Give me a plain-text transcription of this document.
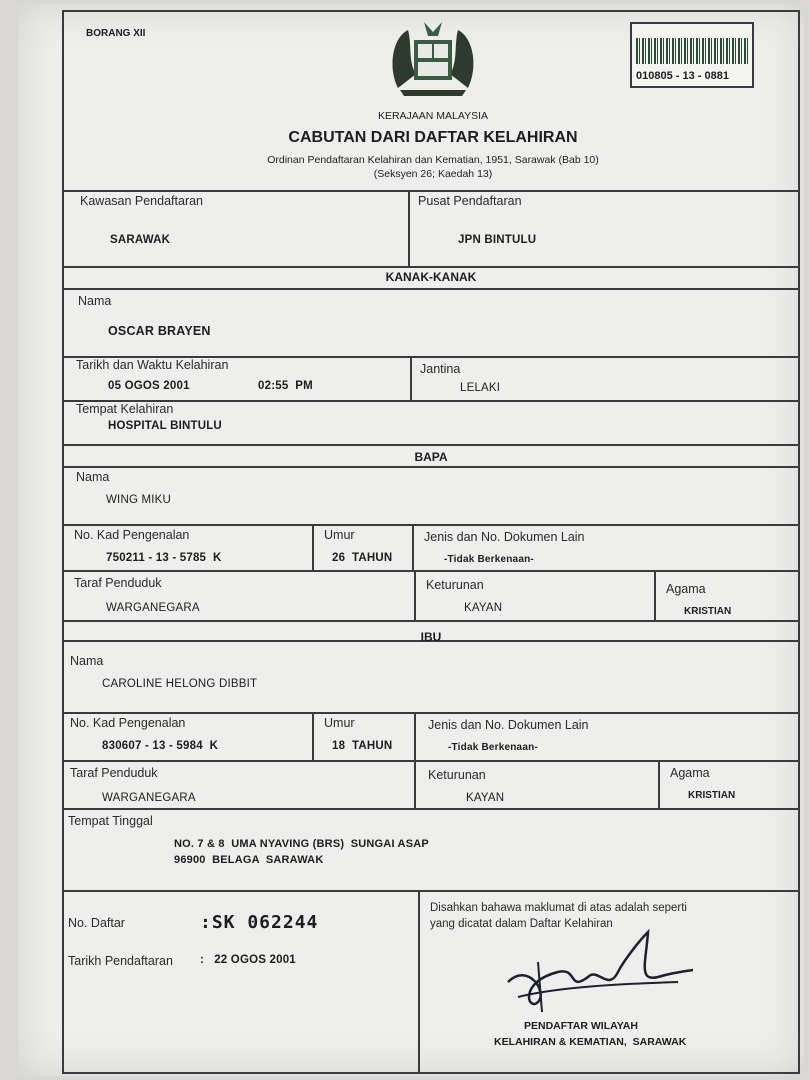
BORANG XII
010805 - 13 - 0881
KERAJAAN MALAYSIA
CABUTAN DARI DAFTAR KELAHIRAN
Ordinan Pendaftaran Kelahiran dan Kematian, 1951, Sarawak (Bab 10)
(Seksyen 26; Kaedah 13)
Kawasan Pendaftaran
SARAWAK
Pusat Pendaftaran
JPN BINTULU
KANAK-KANAK
Nama
OSCAR BRAYEN
Tarikh dan Waktu Kelahiran
05 OGOS 2001	02:55  PM
Jantina
LELAKI
Tempat Kelahiran
HOSPITAL BINTULU
BAPA
Nama
WING MIKU
No. Kad Pengenalan
750211 - 13 - 5785  K
Umur
26  TAHUN
Jenis dan No. Dokumen Lain
-Tidak Berkenaan-
Taraf Penduduk
WARGANEGARA
Keturunan
KAYAN
Agama
KRISTIAN
IBU
Nama
CAROLINE HELONG DIBBIT
No. Kad Pengenalan
830607 - 13 - 5984  K
Umur
18  TAHUN
Jenis dan No. Dokumen Lain
-Tidak Berkenaan-
Taraf Penduduk
WARGANEGARA
Keturunan
KAYAN
Agama
KRISTIAN
Tempat Tinggal
NO. 7 & 8  UMA NYAVING (BRS)  SUNGAI ASAP
96900  BELAGA  SARAWAK
No. Daftar	:SK 062244
Tarikh Pendaftaran :   22 OGOS 2001
Disahkan bahawa maklumat di atas adalah seperti
yang dicatat dalam Daftar Kelahiran
PENDAFTAR WILAYAH
KELAHIRAN & KEMATIAN,  SARAWAK
